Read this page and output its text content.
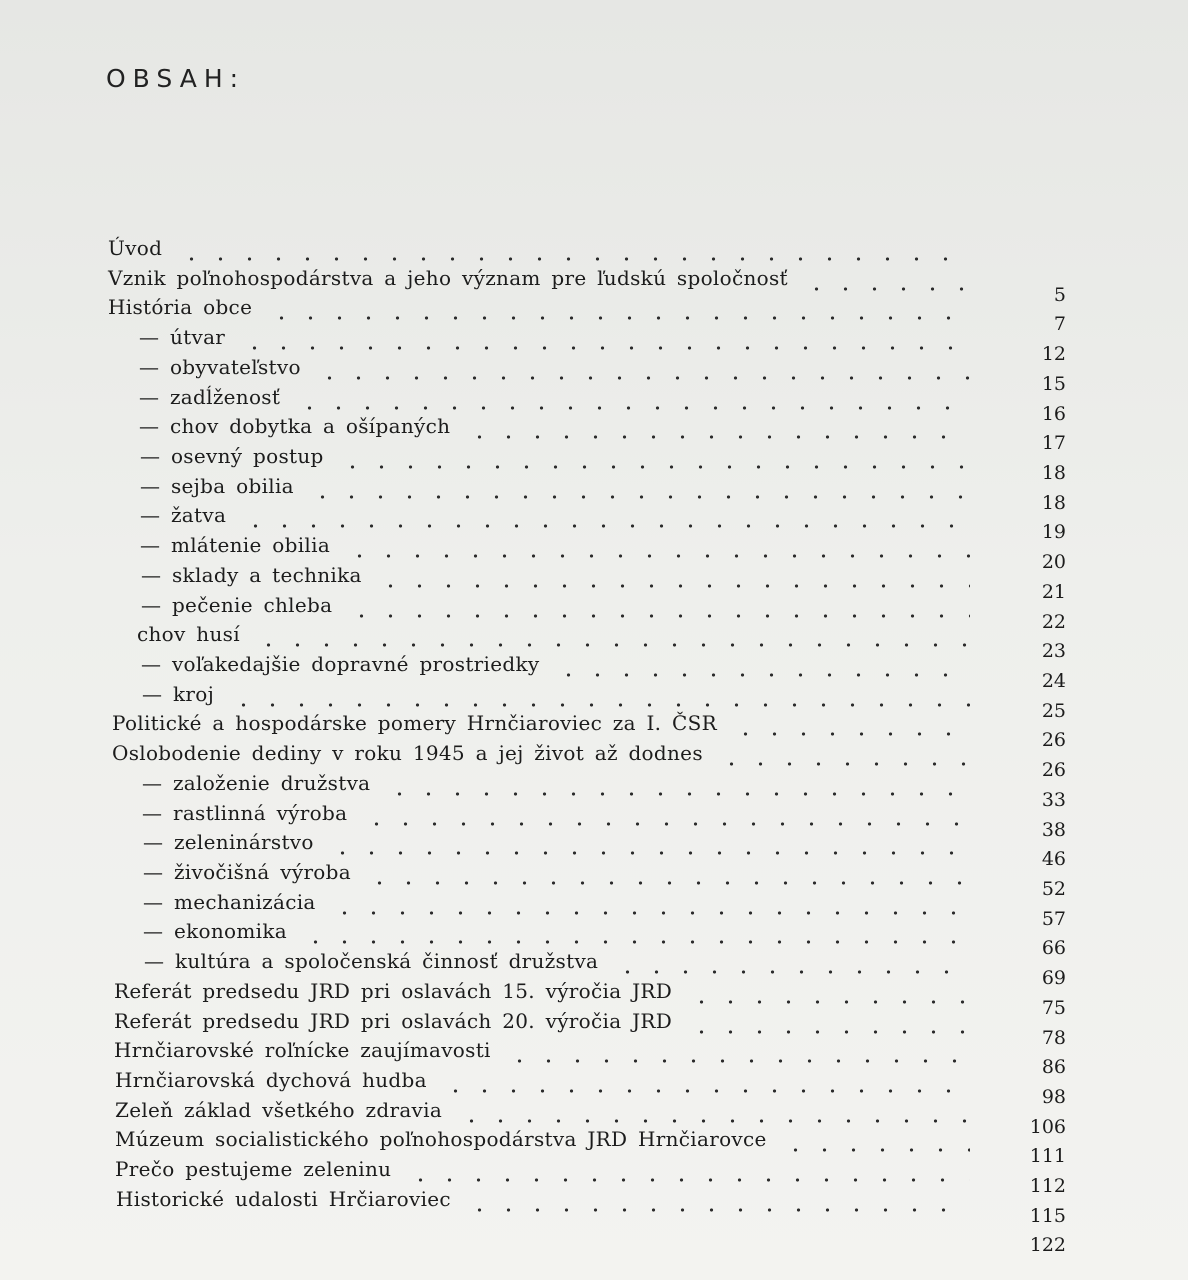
OBSAH:
Úvod
Vznik poľnohospodárstva a jeho význam pre ľudskú spoločnosť
5
História obce
7
— útvar
12
— obyvateľstvo
15
— zadĺženosť
16
— chov dobytka a ošípaných
17
— osevný postup
18
— sejba obilia
18
— žatva
19
— mlátenie obilia
20
— sklady a technika
21
— pečenie chleba
22
chov husí
23
— voľakedajšie dopravné prostriedky
24
— kroj
25
Politické a hospodárske pomery Hrnčiaroviec za I. ČSR
26
Oslobodenie dediny v roku 1945 a jej život až dodnes
26
— založenie družstva
33
— rastlinná výroba
38
— zeleninárstvo
46
— živočišná výroba
52
— mechanizácia
57
— ekonomika
66
— kultúra a spoločenská činnosť družstva
69
Referát predsedu JRD pri oslavách 15. výročia JRD
75
Referát predsedu JRD pri oslavách 20. výročia JRD
78
Hrnčiarovské roľnícke zaujímavosti
86
Hrnčiarovská dychová hudba
98
Zeleň základ všetkého zdravia
106
Múzeum socialistického poľnohospodárstva JRD Hrnčiarovce
111
Prečo pestujeme zeleninu
112
Historické udalosti Hrčiaroviec
115
122
